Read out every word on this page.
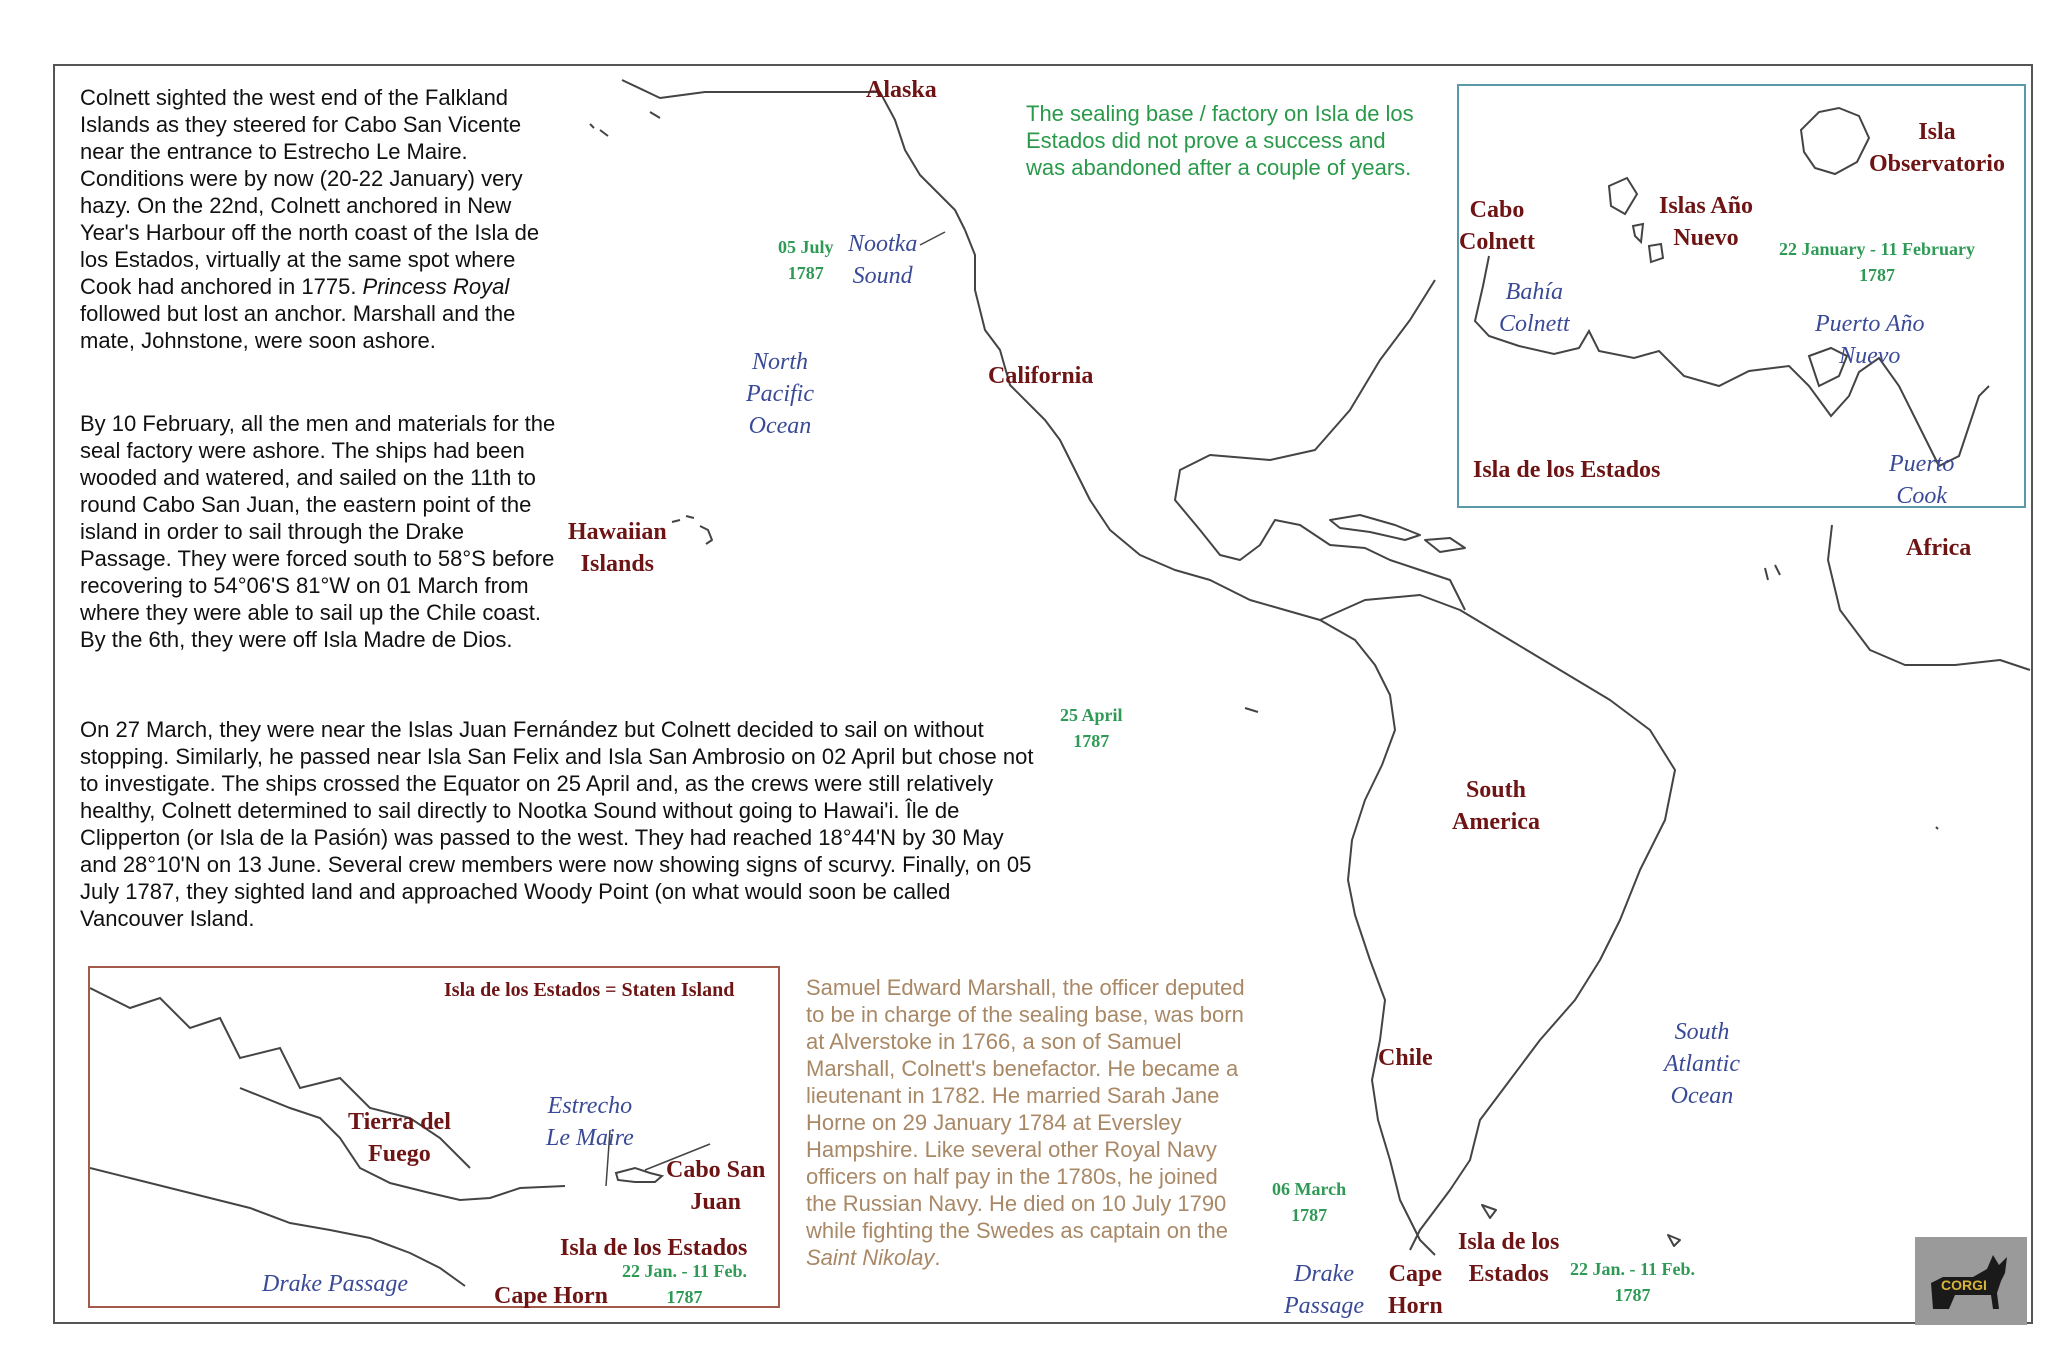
Colnett sighted the west end of the Falkland Islands as they steered for Cabo San Vicente near the entrance to Estrecho Le Maire. Conditions were by now (20-22 January) very hazy. On the 22nd, Colnett anchored in New Year's Harbour off the north coast of the Isla de los Estados, virtually at the same spot where Cook had anchored in 1775. Princess Royal followed but lost an anchor. Marshall and the mate, Johnstone, were soon ashore.
By 10 February, all the men and materials for the seal factory were ashore. The ships had been wooded and watered, and sailed on the 11th to round Cabo San Juan, the eastern point of the island in order to sail through the Drake Passage. They were forced south to 58°S before recovering to 54°06'S 81°W on 01 March from where they were able to sail up the Chile coast. By the 6th, they were off Isla Madre de Dios.
On 27 March, they were near the Islas Juan Fernández but Colnett decided to sail on without stopping. Similarly, he passed near Isla San Felix and Isla San Ambrosio on 02 April but chose not to investigate. The ships crossed the Equator on 25 April and, as the crews were still relatively healthy, Colnett determined to sail directly to Nootka Sound without going to Hawai'i. Île de Clipperton (or Isla de la Pasión) was passed to the west. They had reached 18°44'N by 30 May and 28°10'N on 13 June. Several crew members were now showing signs of scurvy. Finally, on 05 July 1787, they sighted land and approached Woody Point (on what would soon be called Vancouver Island.
The sealing base / factory on Isla de los Estados did not prove a success and was abandoned after a couple of years.
Alaska
Nootka
Sound
05 July
1787
North
Pacific
Ocean
California
Hawaiian
Islands
25 April
1787
South
America
Chile
South
Atlantic
Ocean
Africa
06 March
1787
Drake
Passage
Cape
Horn
Isla de los
Estados	22 Jan. - 11 Feb.
1787
Isla
Observatorio
Islas Año
Nuevo
Cabo
Colnett
Bahía
Colnett
22 January - 11 February
1787
Puerto Año
Nuevo
Puerto
Cook
Isla de los Estados
Isla de los Estados = Staten Island
Tierra del
Fuego
Estrecho
Le Maire
Cabo San
Juan
Isla de los Estados
22 Jan. - 11 Feb.
1787
Drake Passage	Cape Horn
Samuel Edward Marshall, the officer deputed to be in charge of the sealing base, was born at Alverstoke in 1766, a son of Samuel Marshall, Colnett's benefactor. He became a lieutenant in 1782. He married Sarah Jane Horne on 29 January 1784 at Eversley Hampshire. Like several other Royal Navy officers on half pay in the 1780s, he joined the Russian Navy. He died on 10 July 1790 while fighting the Swedes as captain on the Saint Nikolay.
CORGI
